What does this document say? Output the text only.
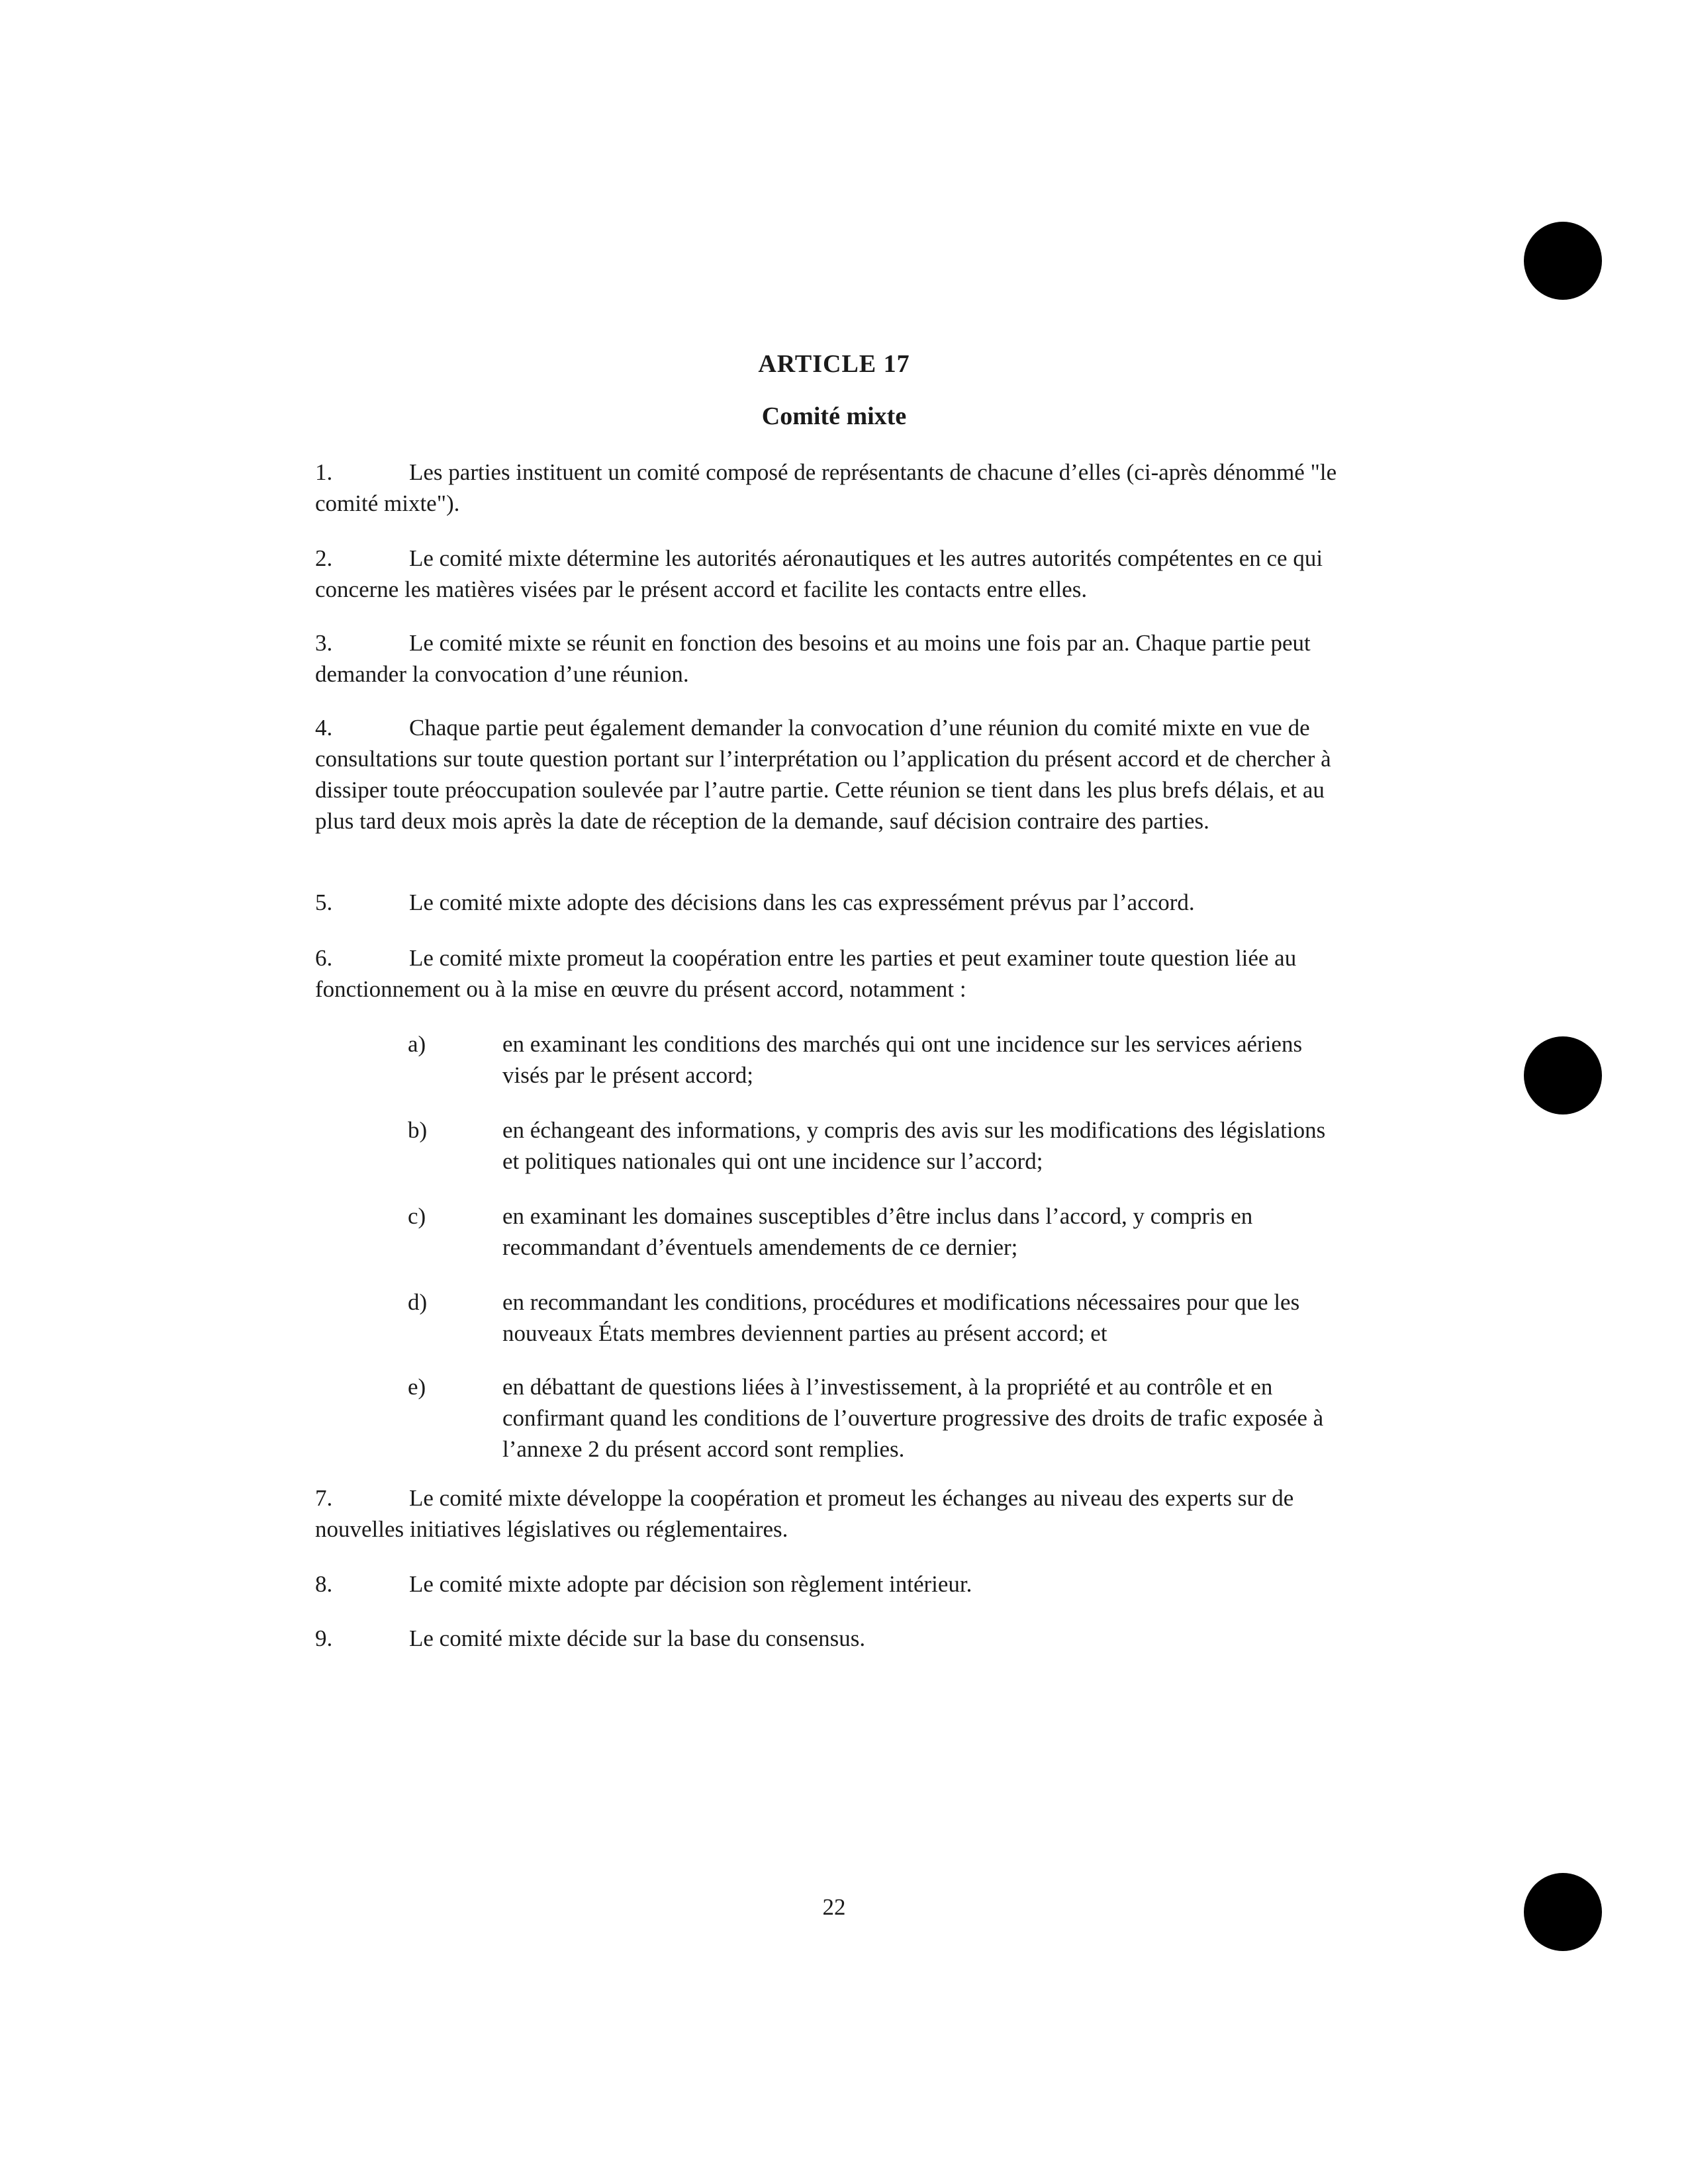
ARTICLE 17
Comité mixte
1.	Les parties instituent un comité composé de représentants de chacune d’elles (ci-après dénommé "le comité mixte").
2.	Le comité mixte détermine les autorités aéronautiques et les autres autorités compétentes en ce qui concerne les matières visées par le présent accord et facilite les contacts entre elles.
3.	Le comité mixte se réunit en fonction des besoins et au moins une fois par an. Chaque partie peut demander la convocation d’une réunion.
4.	Chaque partie peut également demander la convocation d’une réunion du comité mixte en vue de consultations sur toute question portant sur l’interprétation ou l’application du présent accord et de chercher à dissiper toute préoccupation soulevée par l’autre partie. Cette réunion se tient dans les plus brefs délais, et au plus tard deux mois après la date de réception de la demande, sauf décision contraire des parties.
5.	Le comité mixte adopte des décisions dans les cas expressément prévus par l’accord.
6.	Le comité mixte promeut la coopération entre les parties et peut examiner toute question liée au fonctionnement ou à la mise en œuvre du présent accord, notamment :
a)	en examinant les conditions des marchés qui ont une incidence sur les services aériens visés par le présent accord;
b)	en échangeant des informations, y compris des avis sur les modifications des législations et politiques nationales qui ont une incidence sur l’accord;
c)	en examinant les domaines susceptibles d’être inclus dans l’accord, y compris en recommandant d’éventuels amendements de ce dernier;
d)	en recommandant les conditions, procédures et modifications nécessaires pour que les nouveaux États membres deviennent parties au présent accord; et
e)	en débattant de questions liées à l’investissement, à la propriété et au contrôle et en confirmant quand les conditions de l’ouverture progressive des droits de trafic exposée à l’annexe 2 du présent accord sont remplies.
7.	Le comité mixte développe la coopération et promeut les échanges au niveau des experts sur de nouvelles initiatives législatives ou réglementaires.
8.	Le comité mixte adopte par décision son règlement intérieur.
9.	Le comité mixte décide sur la base du consensus.
22
